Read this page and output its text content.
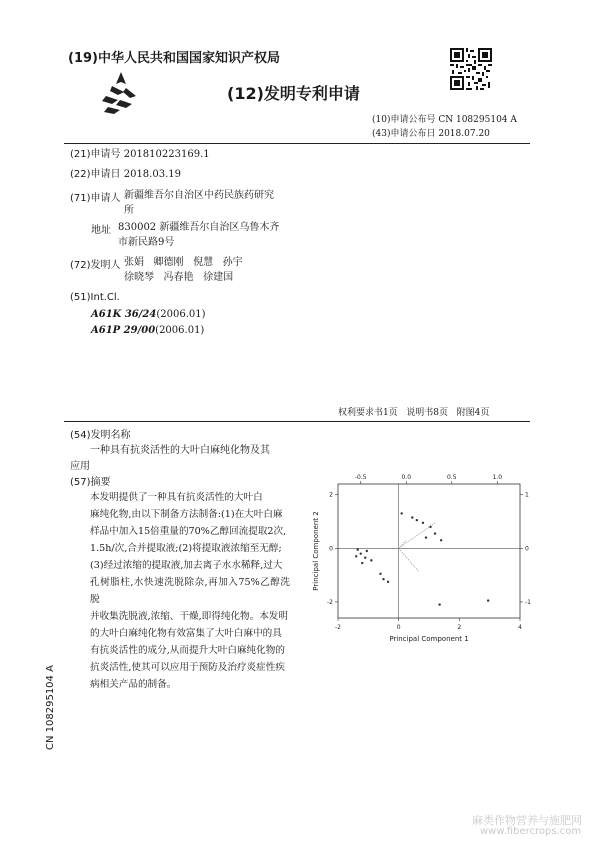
(19)中华人民共和国国家知识产权局
(12)发明专利申请
(10)申请公布号 CN 108295104 A
(43)申请公布日 2018.07.20
(21)申请号 201810223169.1
(22)申请日 2018.03.19
(71)申请人 新疆维吾尔自治区中药民族药研究
所
地址 830002 新疆维吾尔自治区乌鲁木齐
市新民路9号
(72)发明人 张娟   卿德刚   倪慧   孙宇
徐晓琴   冯春艳   徐建国
(51)Int.Cl.
A61K 36/24(2006.01)
A61P 29/00(2006.01)
权利要求书1页   说明书8页   附图4页
(54)发明名称
一种具有抗炎活性的大叶白麻纯化物及其
应用
(57)摘要
本发明提供了一种具有抗炎活性的大叶白
麻纯化物,由以下制备方法制备:(1)在大叶白麻
样品中加入15倍重量的70%乙醇回流提取2次,
1.5h/次,合并提取液;(2)将提取液浓缩至无醇;
(3)经过浓缩的提取液,加去离子水水稀释,过大
孔树脂柱,水快速洗脱除杂,再加入75%乙醇洗脱
并收集洗脱液,浓缩、干燥,即得纯化物。本发明
的大叶白麻纯化物有效富集了大叶白麻中的具
有抗炎活性的成分,从而提升大叶白麻纯化物的
抗炎活性,使其可以应用于预防及治疗炎症性疾
病相关产品的制备。
-2	0	2	4
-0.5	0.0	0.5	1.0
2
0
-2
1
0
-1
Principal Component 1
Principal Component 2
CN 108295104 A
麻类作物营养与施肥网
www.fibercrops.com
